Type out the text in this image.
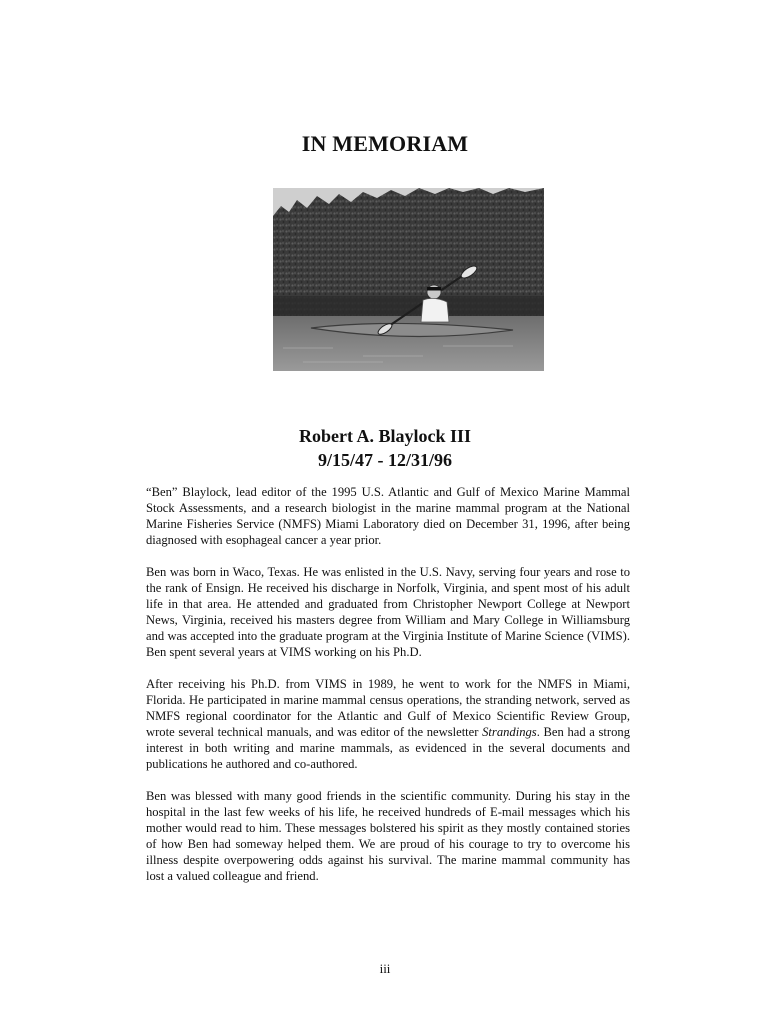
IN MEMORIAM
Robert A. Blaylock III
9/15/47 - 12/31/96

“Ben” Blaylock, lead editor of the 1995 U.S. Atlantic and Gulf of Mexico Marine Mammal Stock Assessments, and a research biologist in the marine mammal program at the National Marine Fisheries Service (NMFS) Miami Laboratory died on December 31, 1996, after being diagnosed with esophageal cancer a year prior.

Ben was born in Waco, Texas. He was enlisted in the U.S. Navy, serving four years and rose to the rank of Ensign. He received his discharge in Norfolk, Virginia, and spent most of his adult life in that area. He attended and graduated from Christopher Newport College at Newport News, Virginia, received his masters degree from William and Mary College in Williamsburg and was accepted into the graduate program at the Virginia Institute of Marine Science (VIMS). Ben spent several years at VIMS working on his Ph.D.

After receiving his Ph.D. from VIMS in 1989, he went to work for the NMFS in Miami, Florida. He participated in marine mammal census operations, the stranding network, served as NMFS regional coordinator for the Atlantic and Gulf of Mexico Scientific Review Group, wrote several technical manuals, and was editor of the newsletter Strandings. Ben had a strong interest in both writing and marine mammals, as evidenced in the several documents and publications he authored and co-authored.

Ben was blessed with many good friends in the scientific community. During his stay in the hospital in the last few weeks of his life, he received hundreds of E-mail messages which his mother would read to him. These messages bolstered his spirit as they mostly contained stories of how Ben had someway helped them. We are proud of his courage to try to overcome his illness despite overpowering odds against his survival. The marine mammal community has lost a valued colleague and friend.

iii
